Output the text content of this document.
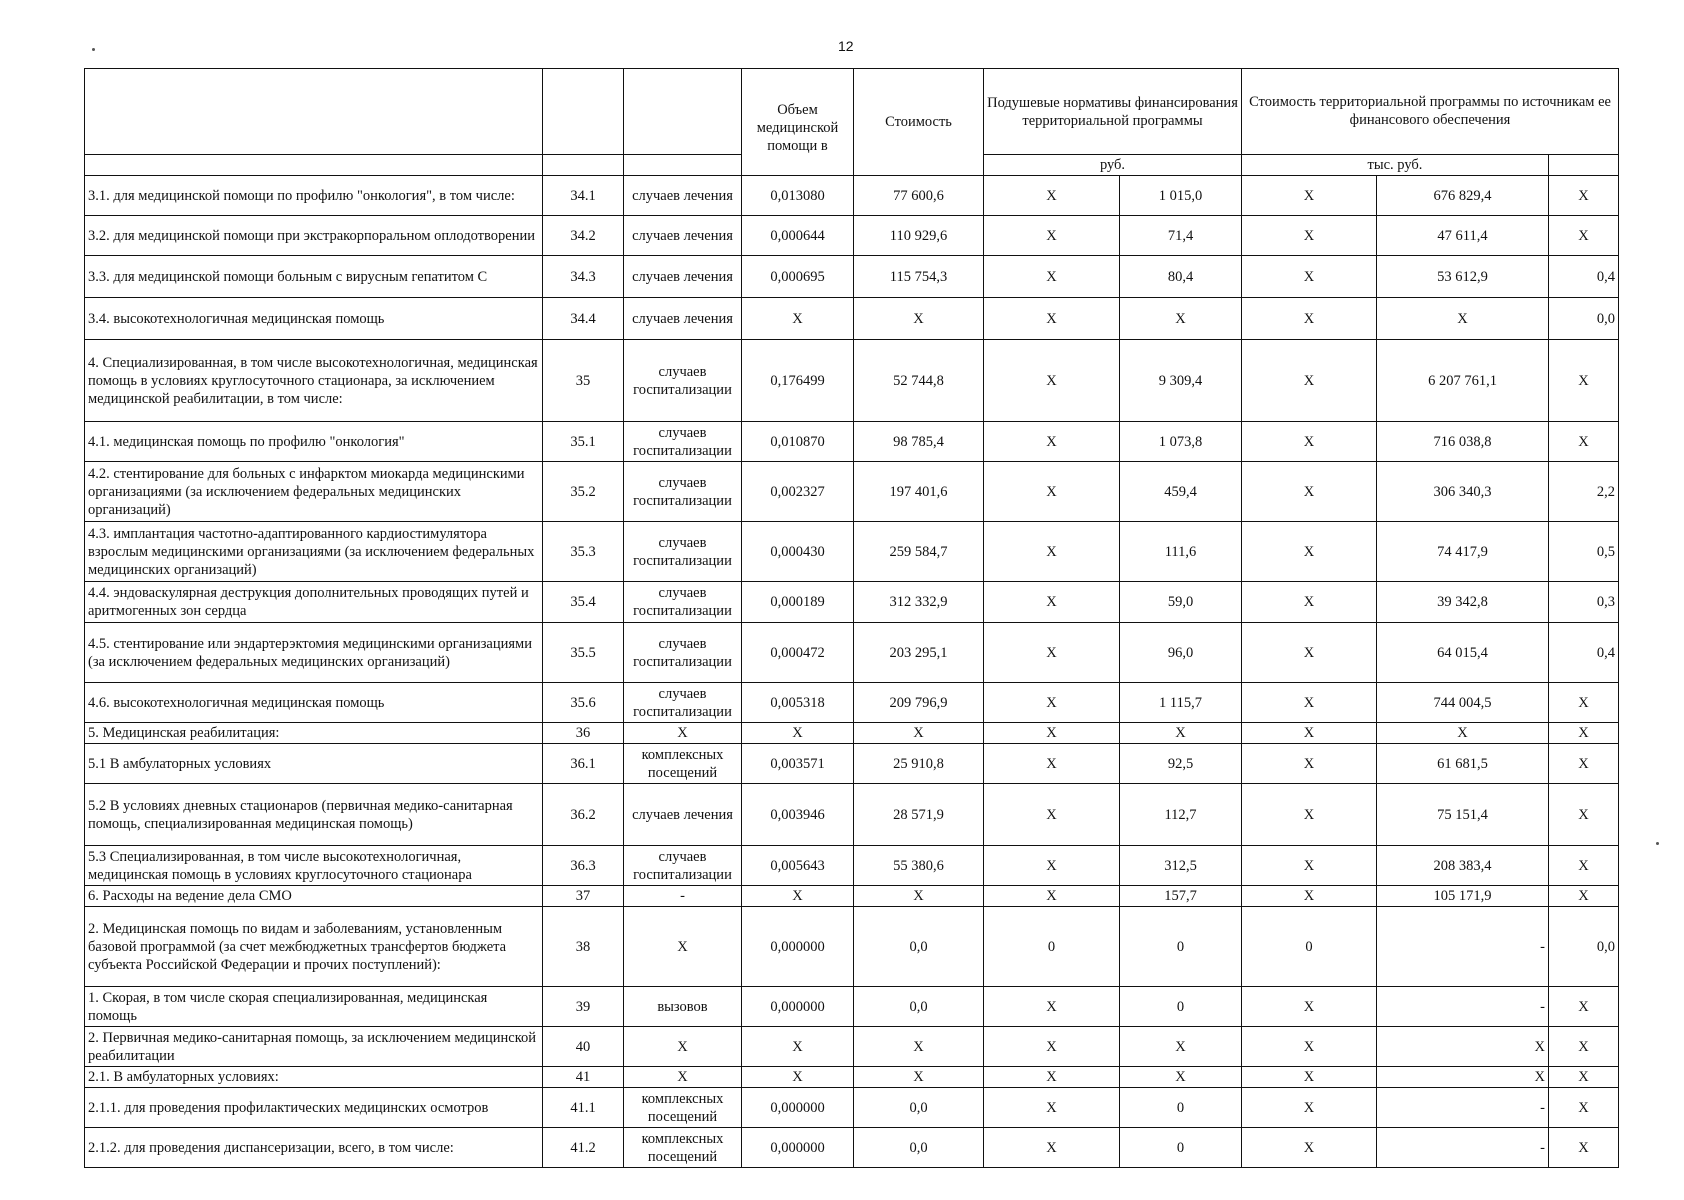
12

			Объем медицинской помощи в	Стоимость	Подушевые нормативы финансирования территориальной программы		Стоимость территориальной программы по источникам ее финансового обеспечения		

					руб.		тыс. руб.		
3.1. для медицинской помощи по профилю "онкология", в том числе:	34.1	случаев лечения	0,013080	77 600,6	X	1 015,0	X	676 829,4	X
3.2. для медицинской помощи при экстракорпоральном оплодотворении	34.2	случаев лечения	0,000644	110 929,6	X	71,4	X	47 611,4	X
3.3. для медицинской помощи больным с вирусным гепатитом С	34.3	случаев лечения	0,000695	115 754,3	X	80,4	X	53 612,9	0,4
3.4. высокотехнологичная медицинская помощь	34.4	случаев лечения	X	X	X	X	X	X	0,0
4. Специализированная, в том числе высокотехнологичная, медицинская помощь в условиях круглосуточного стационара, за исключением медицинской реабилитации, в том числе:	35	случаев госпитализации	0,176499	52 744,8	X	9 309,4	X	6 207 761,1	X
4.1. медицинская помощь по профилю "онкология"	35.1	случаев госпитализации	0,010870	98 785,4	X	1 073,8	X	716 038,8	X
4.2. стентирование для больных с инфарктом миокарда медицинскими организациями (за исключением федеральных медицинских организаций)	35.2	случаев госпитализации	0,002327	197 401,6	X	459,4	X	306 340,3	2,2
4.3. имплантация частотно-адаптированного кардиостимулятора взрослым медицинскими организациями (за исключением федеральных медицинских организаций)	35.3	случаев госпитализации	0,000430	259 584,7	X	111,6	X	74 417,9	0,5
4.4. эндоваскулярная деструкция дополнительных проводящих путей и аритмогенных зон сердца	35.4	случаев госпитализации	0,000189	312 332,9	X	59,0	X	39 342,8	0,3
4.5. стентирование или эндартерэктомия медицинскими организациями (за исключением федеральных медицинских организаций)	35.5	случаев госпитализации	0,000472	203 295,1	X	96,0	X	64 015,4	0,4
4.6. высокотехнологичная медицинская помощь	35.6	случаев госпитализации	0,005318	209 796,9	X	1 115,7	X	744 004,5	X
5. Медицинская реабилитация:	36	X	X	X	X	X	X	X	X
5.1 В амбулаторных условиях	36.1	комплексных посещений	0,003571	25 910,8	X	92,5	X	61 681,5	X
5.2 В условиях дневных стационаров (первичная медико-санитарная помощь, специализированная медицинская помощь)	36.2	случаев лечения	0,003946	28 571,9	X	112,7	X	75 151,4	X
5.3 Специализированная, в том числе высокотехнологичная, медицинская помощь в условиях круглосуточного стационара	36.3	случаев госпитализации	0,005643	55 380,6	X	312,5	X	208 383,4	X
6. Расходы на ведение дела СМО	37	-	X	X	X	157,7	X	105 171,9	X
2. Медицинская помощь по видам и заболеваниям, установленным базовой программой (за счет межбюджетных трансфертов бюджета субъекта Российской Федерации и прочих поступлений):	38	X	0,000000	0,0	0	0	0	-	0,0
1. Скорая, в том числе скорая специализированная, медицинская помощь	39	вызовов	0,000000	0,0	X	0	X	-	X
2. Первичная медико-санитарная помощь, за исключением медицинской реабилитации	40	X	X	X	X	X	X	X	X
2.1. В амбулаторных условиях:	41	X	X	X	X	X	X	X	X
2.1.1. для проведения профилактических медицинских осмотров	41.1	комплексных посещений	0,000000	0,0	X	0	X	-	X
2.1.2. для проведения диспансеризации, всего, в том числе:	41.2	комплексных посещений	0,000000	0,0	X	0	X	-	X
